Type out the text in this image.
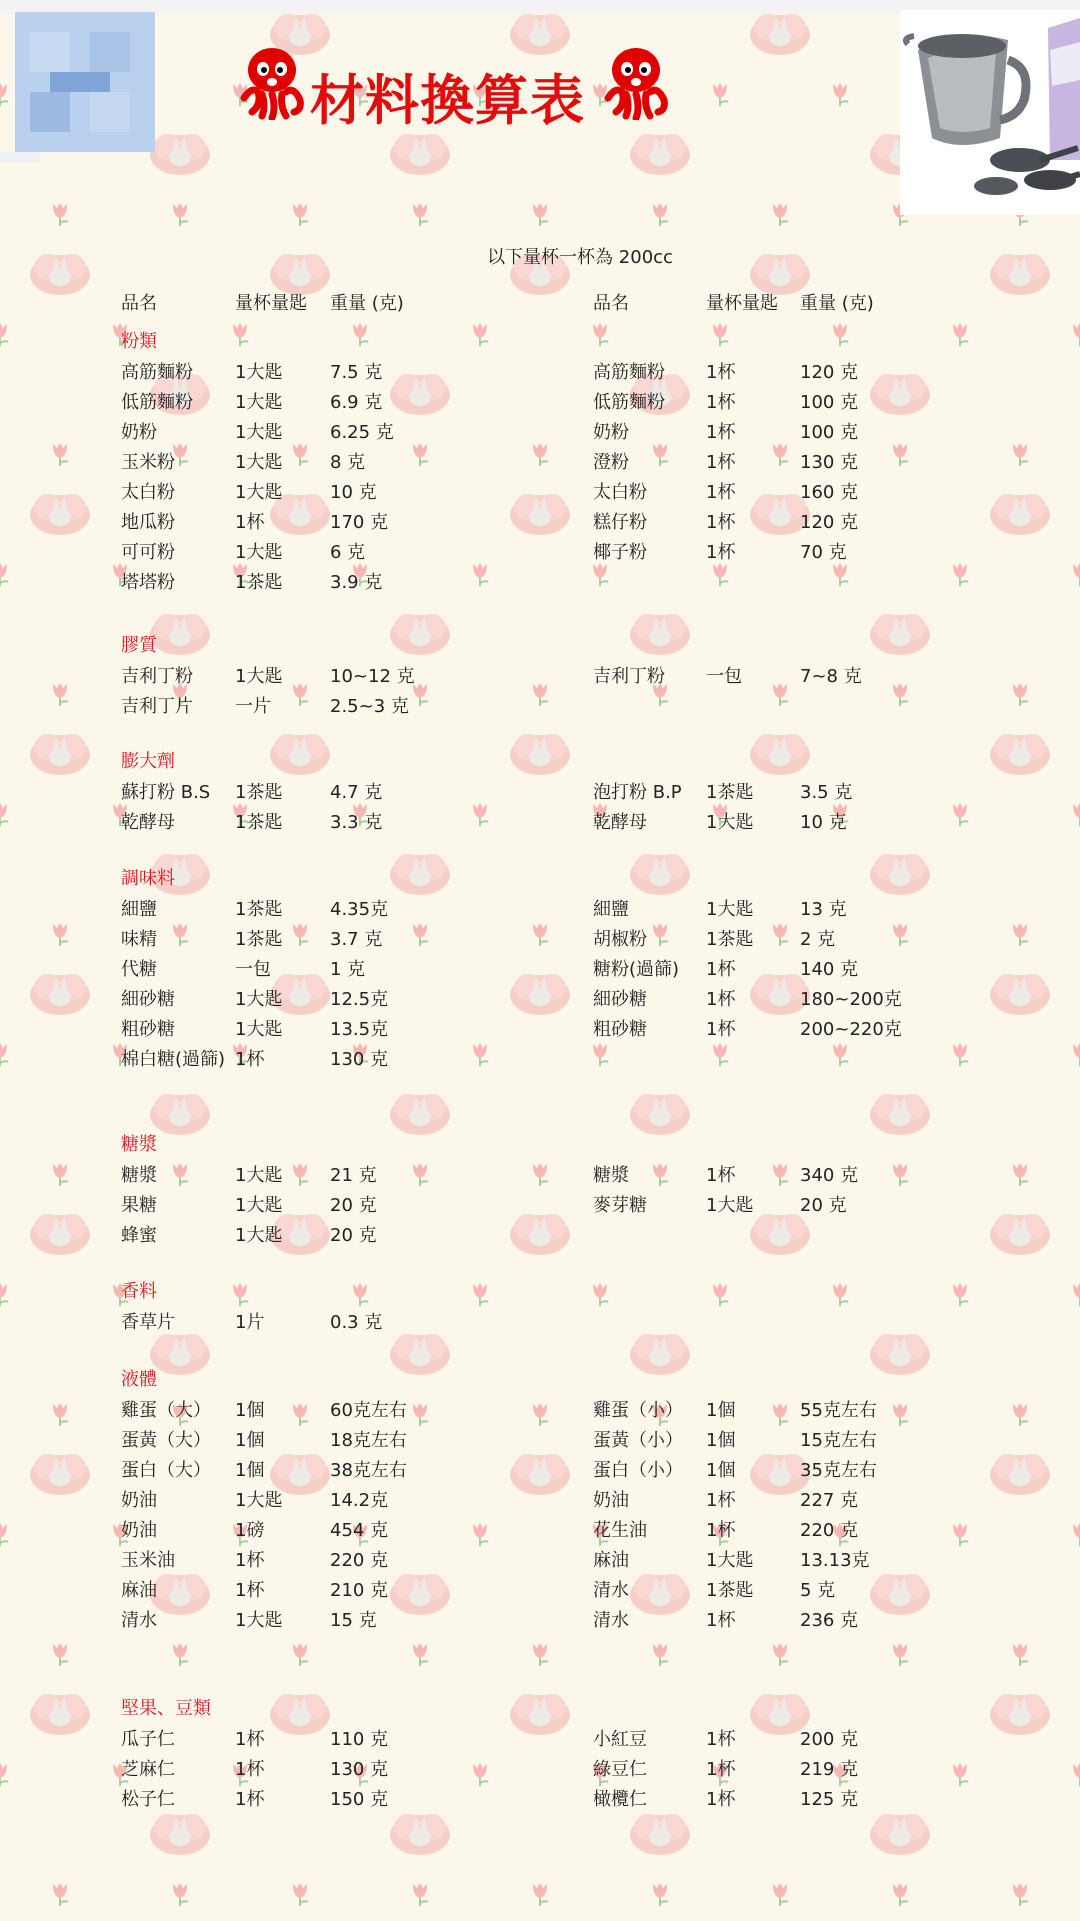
材料換算表
以下量杯一杯為 200cc
品名	量杯量匙 重量 (克)	品名	量杯量匙 重量 (克)
粉類
高筋麵粉 1大匙	7.5 克	高筋麵粉 1杯	120 克
低筋麵粉 1大匙	6.9 克	低筋麵粉 1杯	100 克
奶粉	1大匙	6.25 克	奶粉	1杯	100 克
玉米粉	1大匙	8 克	澄粉	1杯	130 克
太白粉	1大匙	10 克	太白粉	1杯	160 克
地瓜粉	1杯	170 克	糕仔粉	1杯	120 克
可可粉	1大匙	6 克	椰子粉	1杯	70 克
塔塔粉	1茶匙	3.9 克
膠質
吉利丁粉 1大匙	10~12 克	吉利丁粉 一包	7~8 克
吉利丁片 一片	2.5~3 克
膨大劑
蘇打粉 B.S	1茶匙	4.7 克	泡打粉 B.P 1茶匙	3.5 克
乾酵母	1茶匙	3.3 克	乾酵母	1大匙	10 克
調味料
細鹽	1茶匙	4.35克	細鹽	1大匙	13 克
味精	1茶匙	3.7 克	胡椒粉	1茶匙	2 克
代糖	一包	1 克	糖粉(過篩) 1杯	140 克
細砂糖	1大匙	12.5克	細砂糖	1杯	180~200克
粗砂糖	1大匙	13.5克	粗砂糖	1杯	200~220克
棉白糖(過篩) 1杯	130 克
糖漿
糖漿	1大匙	21 克	糖漿	1杯	340 克
果糖	1大匙	20 克	麥芽糖	1大匙	20 克
蜂蜜	1大匙	20 克
香料
香草片	1片	0.3 克
液體
雞蛋（大） 1個	60克左右	雞蛋（小） 1個	55克左右
蛋黃（大） 1個	18克左右	蛋黃（小） 1個	15克左右
蛋白（大） 1個	38克左右	蛋白（小） 1個	35克左右
奶油	1大匙	14.2克	奶油	1杯	227 克
奶油	1磅	454 克	花生油	1杯	220 克
玉米油	1杯	220 克	麻油	1大匙	13.13克
麻油	1杯	210 克	清水	1茶匙	5 克
清水	1大匙	15 克	清水	1杯	236 克
堅果、豆類
瓜子仁	1杯	110 克	小紅豆	1杯	200 克
芝麻仁	1杯	130 克	綠豆仁	1杯	219 克
松子仁	1杯	150 克	橄欖仁	1杯	125 克
